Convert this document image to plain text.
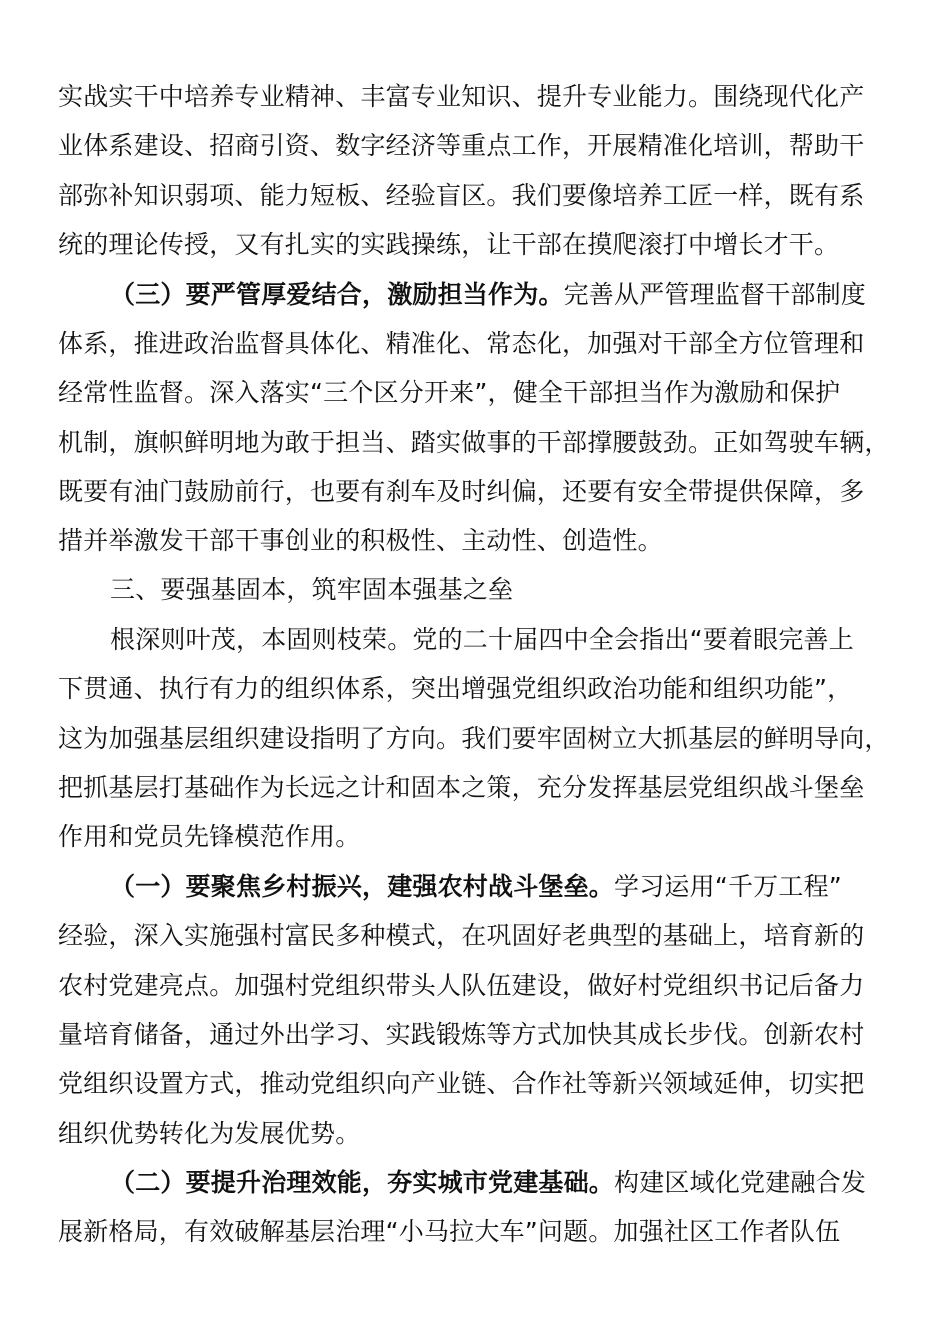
实战实干中培养专业精神、丰富专业知识、提升专业能力。围绕现代化产
业体系建设、招商引资、数字经济等重点工作，开展精准化培训，帮助干
部弥补知识弱项、能力短板、经验盲区。我们要像培养工匠一样，既有系
统的理论传授，又有扎实的实践操练，让干部在摸爬滚打中增长才干。
（三）要严管厚爱结合，激励担当作为。完善从严管理监督干部制度
体系，推进政治监督具体化、精准化、常态化，加强对干部全方位管理和
经常性监督。深入落实“三个区分开来”，健全干部担当作为激励和保护
机制，旗帜鲜明地为敢于担当、踏实做事的干部撑腰鼓劲。正如驾驶车辆，
既要有油门鼓励前行，也要有刹车及时纠偏，还要有安全带提供保障，多
措并举激发干部干事创业的积极性、主动性、创造性。
三、要强基固本，筑牢固本强基之垒
根深则叶茂，本固则枝荣。党的二十届四中全会指出“要着眼完善上
下贯通、执行有力的组织体系，突出增强党组织政治功能和组织功能”，
这为加强基层组织建设指明了方向。我们要牢固树立大抓基层的鲜明导向，
把抓基层打基础作为长远之计和固本之策，充分发挥基层党组织战斗堡垒
作用和党员先锋模范作用。
（一）要聚焦乡村振兴，建强农村战斗堡垒。学习运用“千万工程”
经验，深入实施强村富民多种模式，在巩固好老典型的基础上，培育新的
农村党建亮点。加强村党组织带头人队伍建设，做好村党组织书记后备力
量培育储备，通过外出学习、实践锻炼等方式加快其成长步伐。创新农村
党组织设置方式，推动党组织向产业链、合作社等新兴领域延伸，切实把
组织优势转化为发展优势。
（二）要提升治理效能，夯实城市党建基础。构建区域化党建融合发
展新格局，有效破解基层治理“小马拉大车”问题。加强社区工作者队伍
